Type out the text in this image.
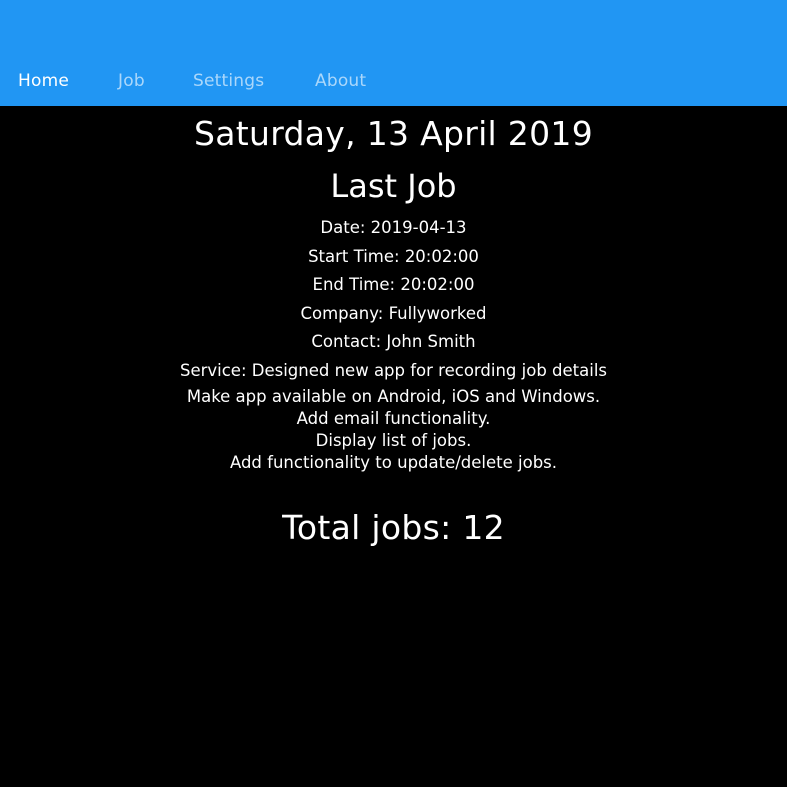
Home	Job	Settings	About
Saturday, 13 April 2019
Last Job
Date: 2019-04-13
Start Time: 20:02:00
End Time: 20:02:00
Company: Fullyworked
Contact: John Smith
Service: Designed new app for recording job details
Make app available on Android, iOS and Windows.
Add email functionality.
Display list of jobs.
Add functionality to update/delete jobs.
Total jobs: 12
